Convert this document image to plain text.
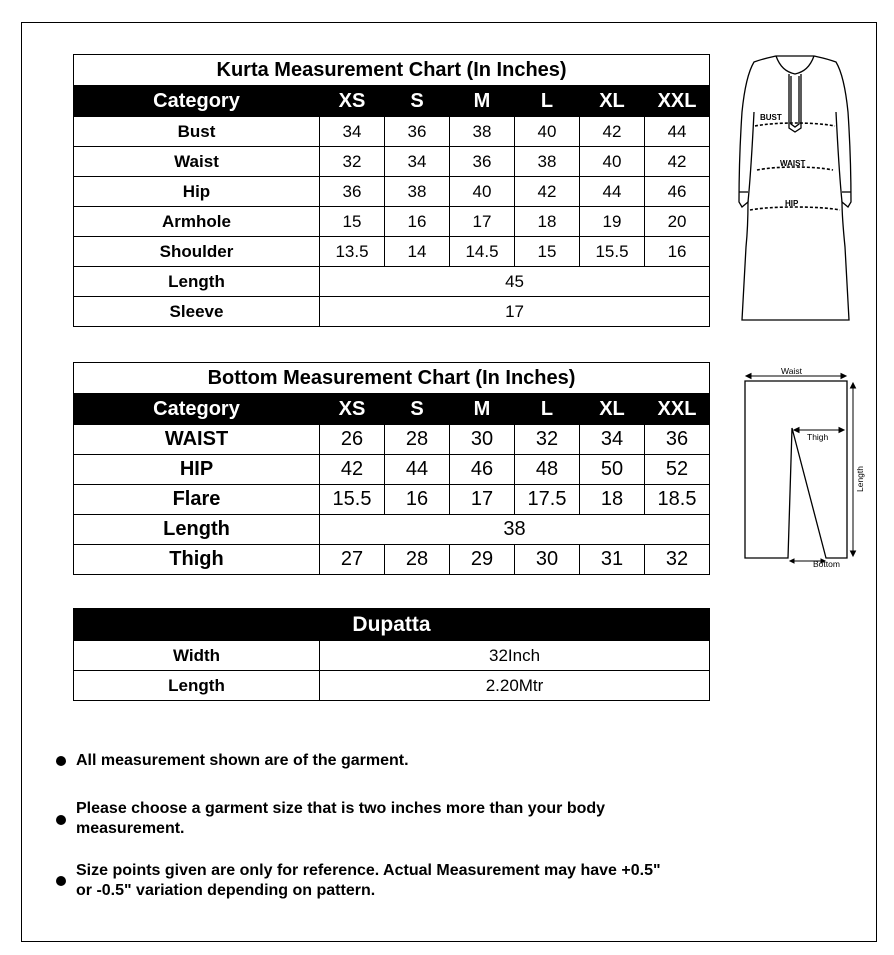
Kurta Measurement Chart (In Inches)						
Category	XS	S	M	L	XL	XXL
Bust	34	36	38	40	42	44
Waist	32	34	36	38	40	42
Hip	36	38	40	42	44	46
Armhole	15	16	17	18	19	20
Shoulder	13.5	14	14.5	15	15.5	16
Length	45					
Sleeve	17					
Bottom Measurement Chart (In Inches)						
Category	XS	S	M	L	XL	XXL
WAIST	26	28	30	32	34	36
HIP	42	44	46	48	50	52
Flare	15.5	16	17	17.5	18	18.5
Length	38					
Thigh	27	28	29	30	31	32
Dupatta	
Width	32Inch
Length	2.20Mtr
BUST
WAIST
HIP
Waist
Thigh
Length
Bottom
All measurement shown are of the garment.
Please choose a garment size that is two inches more than your body measurement.
Size points given are only for reference. Actual Measurement may have +0.5" or -0.5" variation depending on pattern.
